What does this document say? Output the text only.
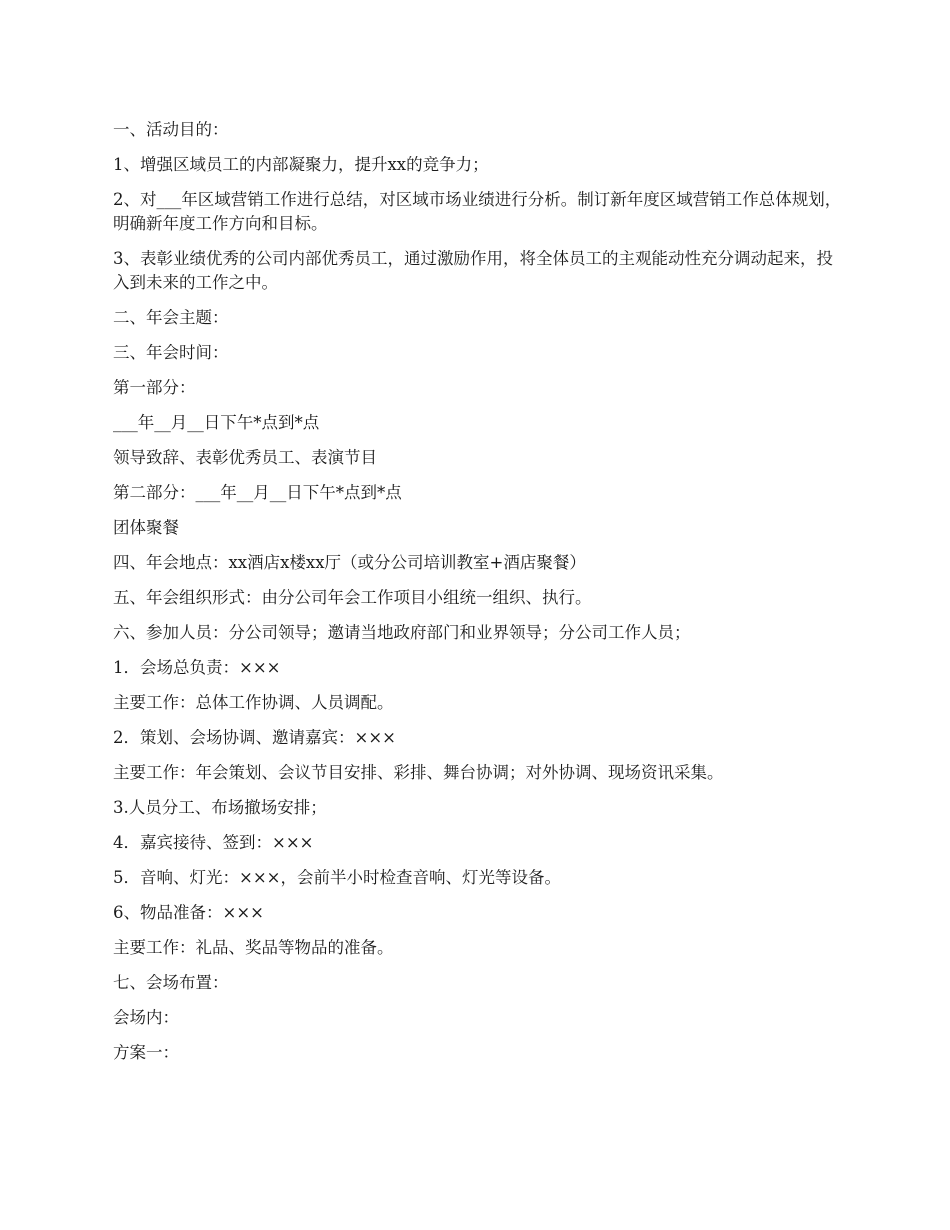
一、活动目的：

1、增强区域员工的内部凝聚力，提升xx的竞争力；

2、对___年区域营销工作进行总结，对区域市场业绩进行分析。制订新年度区域营销工作总体规划，明确新年度工作方向和目标。

3、表彰业绩优秀的公司内部优秀员工，通过激励作用，将全体员工的主观能动性充分调动起来，投入到未来的工作之中。

二、年会主题：

三、年会时间：

第一部分：

___年__月__日下午*点到*点

领导致辞、表彰优秀员工、表演节目

第二部分：___年__月__日下午*点到*点

团体聚餐

四、年会地点：xx酒店x楼xx厅（或分公司培训教室+酒店聚餐）

五、年会组织形式：由分公司年会工作项目小组统一组织、执行。

六、参加人员：分公司领导；邀请当地政府部门和业界领导；分公司工作人员；

1．会场总负责：×××

主要工作：总体工作协调、人员调配。

2．策划、会场协调、邀请嘉宾：×××

主要工作：年会策划、会议节目安排、彩排、舞台协调；对外协调、现场资讯采集。

3.人员分工、布场撤场安排；

4．嘉宾接待、签到：×××

5．音响、灯光：×××，会前半小时检查音响、灯光等设备。

6、物品准备：×××

主要工作：礼品、奖品等物品的准备。

七、会场布置：

会场内：

方案一：
